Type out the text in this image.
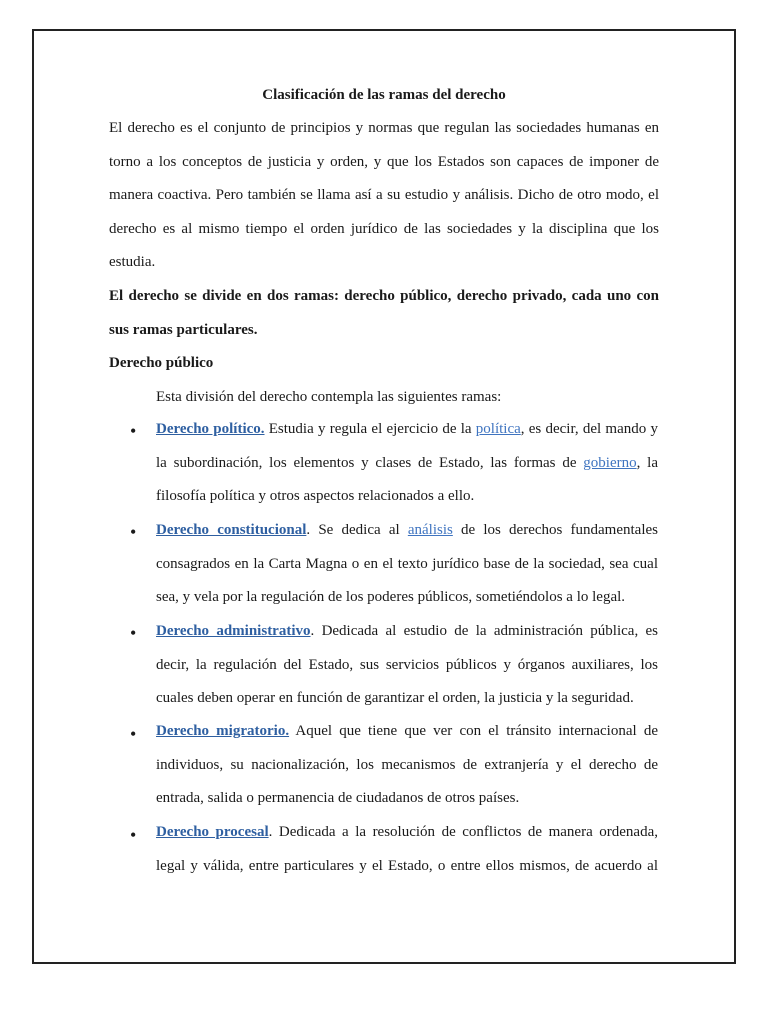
Clasificación de las ramas del derecho
El derecho es el conjunto de principios y normas que regulan las sociedades humanas en torno a los conceptos de justicia y orden, y que los Estados son capaces de imponer de manera coactiva. Pero también se llama así a su estudio y análisis. Dicho de otro modo, el derecho es al mismo tiempo el orden jurídico de las sociedades y la disciplina que los estudia.
El derecho se divide en dos ramas: derecho público, derecho privado, cada uno con sus ramas particulares.
Derecho público
Esta división del derecho contempla las siguientes ramas:
• Derecho político. Estudia y regula el ejercicio de la política, es decir, del mando y la subordinación, los elementos y clases de Estado, las formas de gobierno, la filosofía política y otros aspectos relacionados a ello.
• Derecho constitucional. Se dedica al análisis de los derechos fundamentales consagrados en la Carta Magna o en el texto jurídico base de la sociedad, sea cual sea, y vela por la regulación de los poderes públicos, sometiéndolos a lo legal.
• Derecho administrativo. Dedicada al estudio de la administración pública, es decir, la regulación del Estado, sus servicios públicos y órganos auxiliares, los cuales deben operar en función de garantizar el orden, la justicia y la seguridad.
• Derecho migratorio. Aquel que tiene que ver con el tránsito internacional de individuos, su nacionalización, los mecanismos de extranjería y el derecho de entrada, salida o permanencia de ciudadanos de otros países.
• Derecho procesal. Dedicada a la resolución de conflictos de manera ordenada, legal y válida, entre particulares y el Estado, o entre ellos mismos, de acuerdo al
